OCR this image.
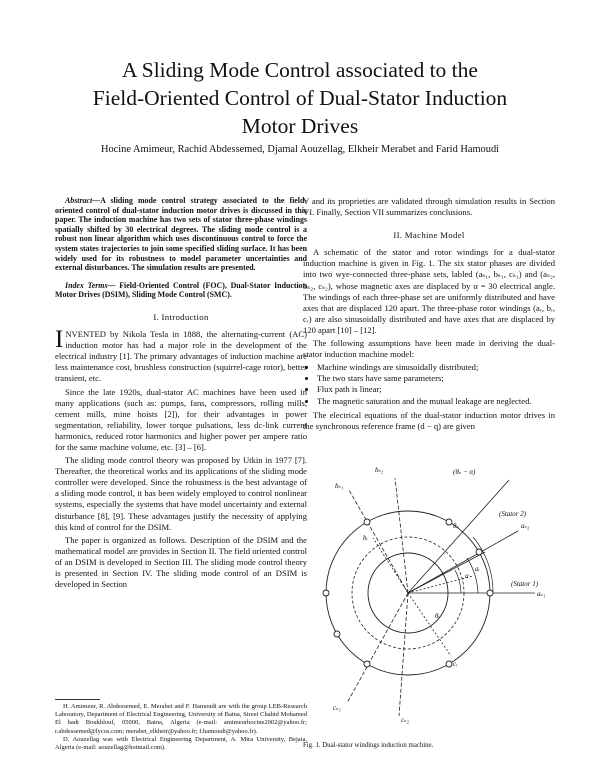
A Sliding Mode Control associated to the
Field-Oriented Control of Dual-Stator Induction
Motor Drives
Hocine Amimeur, Rachid Abdessemed, Djamal Aouzellag, Elkheir Merabet and Farid Hamoudi

Abstract—A sliding mode control strategy associated to the field-oriented control of dual-stator induction motor drives is discussed in this paper. The induction machine has two sets of stator three-phase windings spatially shifted by 30 electrical degrees. The sliding mode control is a robust non linear algorithm which uses discontinuous control to force the system states trajectories to join some specified sliding surface. It has been widely used for its robustness to model parameter uncertainties and external disturbances. The simulation results are presented.

Index Terms— Field-Oriented Control (FOC), Dual-Stator Induction Motor Drives (DSIM), Sliding Mode Control (SMC).

I. Introduction

INVENTED by Nikola Tesla in 1888, the alternating-current (AC) induction motor has had a major role in the development of the electrical industry [1]. The primary advantages of induction machine are less maintenance cost, brushless construction (squirrel-cage rotor), better transient, etc.

Since the late 1920s, dual-stator AC machines have been used in many applications (such as: pumps, fans, compressors, rolling mills, cement mills, mine hoists [2]), for their advantages in power segmentation, reliability, lower torque pulsations, less dc-link current harmonics, reduced rotor harmonics and higher power per ampere ratio for the same machine volume, etc. [3] – [6].

The sliding mode control theory was proposed by Utkin in 1977 [7]. Thereafter, the theoretical works and its applications of the sliding mode controller were developed. Since the robustness is the best advantage of a sliding mode control, it has been widely employed to control nonlinear systems, especially the systems that have model uncertainty and external disturbance [8], [9]. These advantages justify the necessity of applying this kind of control for the DSIM.

The paper is organized as follows. Description of the DSIM and the mathematical model are provides in Section II. The field oriented control of an DSIM is developed in Section III. The sliding mode control theory is presented in Section IV. The sliding mode control of an DSIM is developed in Section

H. Amimeur, R. Abdessemed, E. Merabet and F. Hamoudi are with the group LEB-Research Laboratory, Department of Electrical Engineering, University of Batna, Street Chahid Mohamed El hadi Boukhlouf, 05000, Batna, Algeria (e-mail: amimeurhocine2002@yahoo.fr; r.abdessemed@lycos.com; merabet_elkheir@yahoo.fr; f.hamoudi@yahoo.fr).

D. Aouzellag was with Electrical Engineering Department, A. Mira University, Bejaia, Algeria (e-mail: aouzellag@hotmail.com).

V and its proprieties are validated through simulation results in Section VI. Finally, Section VII summarizes conclusions.

II. Machine Model

A schematic of the stator and rotor windings for a dual-stator induction machine is given in Fig. 1. The six stator phases are divided into two wye-connected three-phase sets, labled (aₛ₁, bₛ₁, cₛ₁) and (aₛ₂, bₛ₂, cₛ₂), whose magnetic axes are displaced by α = 30 electrical angle. The windings of each three-phase set are uniformly distributed and have axes that are displaced 120 apart. The three-phase rotor windings (aᵣ, bᵣ, cᵣ) are also sinusoidally distributed and have axes that are displaced by 120 apart [10] – [12].

The following assumptions have been made in deriving the dual-stator induction machine model:

• Machine windings are sinusoidally distributed;
• The two stars have same parameters;
• Flux path is linear;
• The magnetic saturation and the mutual leakage are neglected.

The electrical equations of the dual-stator induction motor drives in the synchronous reference frame (d − q) are given

(θₛ − α)
bₛ₂
bₛ₁
(Stator 2)
θₛ
α
aₛ₂
(Stator 1)
aᵣ
bᵣ
cᵣ
aₛ₁
cₛ₁
cₛ₂
θᵣ
Fig. 1. Dual-stator windings induction machine.
